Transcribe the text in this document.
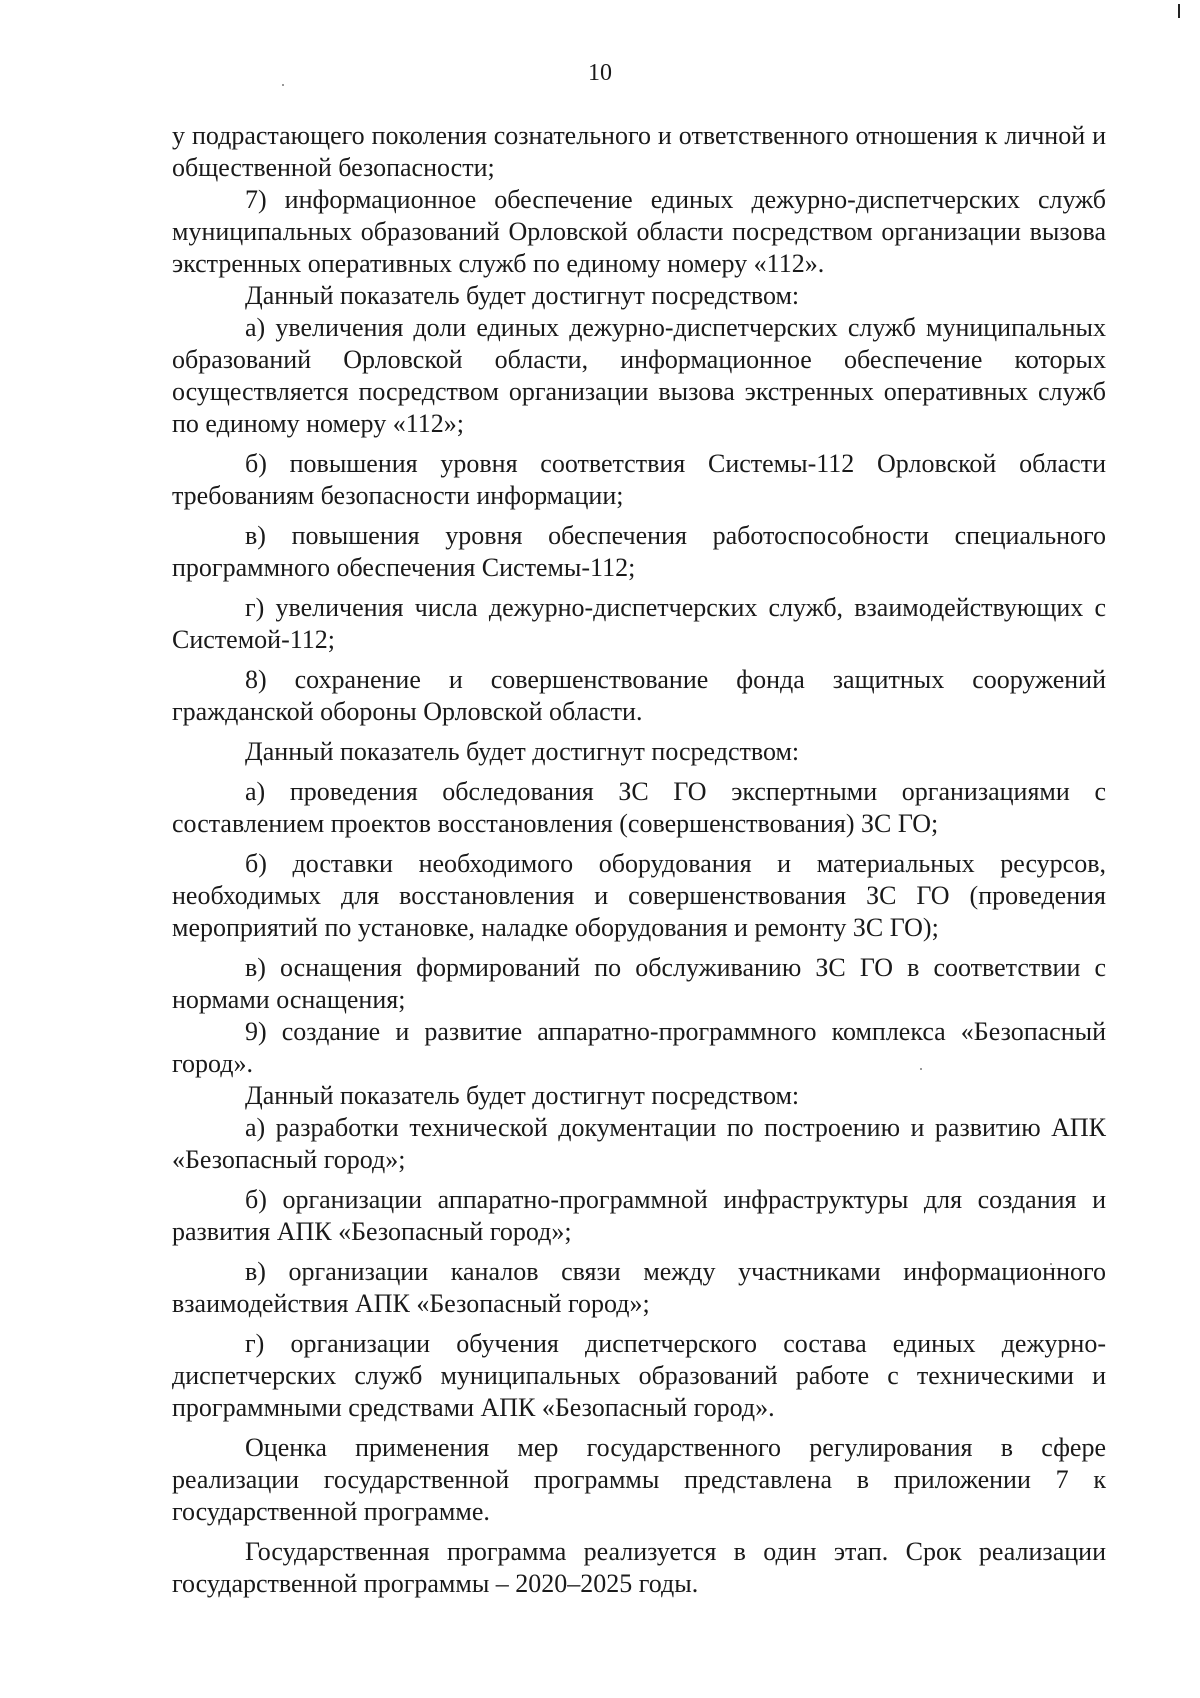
10

у подрастающего поколения сознательного и ответственного отношения к личной и общественной безопасности;

7) информационное обеспечение единых дежурно-диспетчерских служб муниципальных образований Орловской области посредством организации вызова экстренных оперативных служб по единому номеру «112».

Данный показатель будет достигнут посредством:

а) увеличения доли единых дежурно-диспетчерских служб муниципальных образований Орловской области, информационное обеспечение которых осуществляется посредством организации вызова экстренных оперативных служб по единому номеру «112»;

б) повышения уровня соответствия Системы-112 Орловской области требованиям безопасности информации;

в) повышения уровня обеспечения работоспособности специального программного обеспечения Системы-112;

г) увеличения числа дежурно-диспетчерских служб, взаимодействующих с Системой-112;

8) сохранение и совершенствование фонда защитных сооружений гражданской обороны Орловской области.

Данный показатель будет достигнут посредством:

а) проведения обследования ЗС ГО экспертными организациями с составлением проектов восстановления (совершенствования) ЗС ГО;

б) доставки необходимого оборудования и материальных ресурсов, необходимых для восстановления и совершенствования ЗС ГО (проведения мероприятий по установке, наладке оборудования и ремонту ЗС ГО);

в) оснащения формирований по обслуживанию ЗС ГО в соответствии с нормами оснащения;

9) создание и развитие аппаратно-программного комплекса «Безопасный город».

Данный показатель будет достигнут посредством:

а) разработки технической документации по построению и развитию АПК «Безопасный город»;

б) организации аппаратно-программной инфраструктуры для создания и развития АПК «Безопасный город»;

в) организации каналов связи между участниками информационного взаимодействия АПК «Безопасный город»;

г) организации обучения диспетчерского состава единых дежурно-диспетчерских служб муниципальных образований работе с техническими и программными средствами АПК «Безопасный город».

Оценка применения мер государственного регулирования в сфере реализации государственной программы представлена в приложении 7 к государственной программе.

Государственная программа реализуется в один этап. Срок реализации государственной программы – 2020–2025 годы.
